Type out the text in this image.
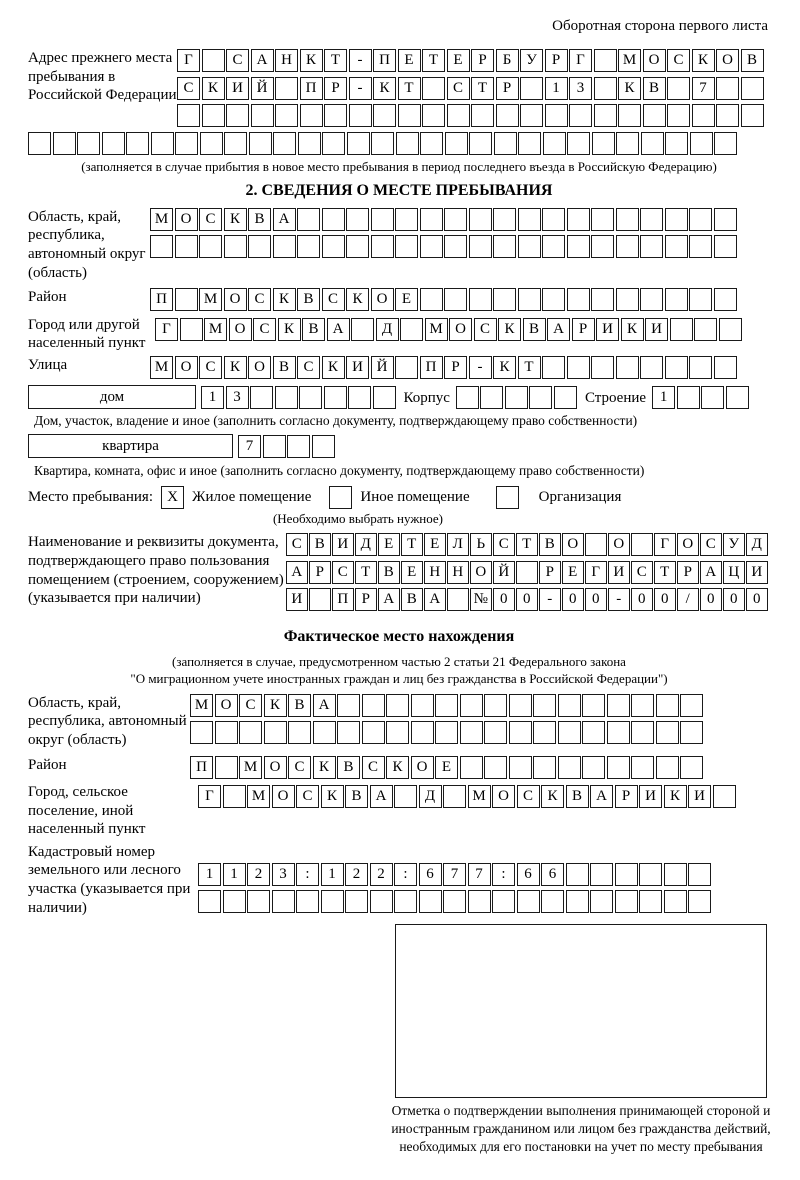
Оборотная сторона первого листа
Адрес прежнего места пребывания в Российской Федерации
Г	С А Н К Т	-	П Е	Т	Е	Р	Б У	Р	Г	М О С К О В
С К И Й	П Р	-	К Т	С Т	Р	1	3	К В	7
(заполняется в случае прибытия в новое место пребывания в период последнего въезда в Российскую Федерацию)
2. СВЕДЕНИЯ О МЕСТЕ ПРЕБЫВАНИЯ
Область, край, республика, автономный округ (область)
М О С К В А
Район	П	М О С К В С К О Е
Город или другой населенный пункт
Г	М О С К В А	Д	М О С К В А Р И К И
Улица	М О С К О В С К И Й	П Р	-	К Т
дом	1	3	Корпус	Строение 1
Дом, участок, владение и иное (заполнить согласно документу, подтверждающему право собственности)
квартира	7
Квартира, комната, офис и иное (заполнить согласно документу, подтверждающему право собственности)
Место пребывания: X Жилое помещение	Иное помещение	Организация
(Необходимо выбрать нужное)
Наименование и реквизиты документа, подтверждающего право пользования помещением (строением, сооружением) (указывается при наличии)
С В И Д Е Т Е Л Ь С Т В О	О	Г О С У Д
А Р С Т В Е Н Н О Й	Р Е Г И С Т Р А Ц И
И	П Р А В А	№ 0	0	-	0	0	-	0	0	/	0	0	0
Фактическое место нахождения
(заполняется в случае, предусмотренном частью 2 статьи 21 Федерального закона
"О миграционном учете иностранных граждан и лиц без гражданства в Российской Федерации")
Область, край, республика, автономный округ (область)
М О С К В А
Район	П	М О С К В С К О Е
Город, сельское поселение, иной населенный пункт
Г	М О С К В А	Д	М О С К В А Р И К И
Кадастровый номер земельного или лесного участка (указывается при наличии)
1	1	2	3	:	1	2	2	:	6	7	7	:	6	6
Отметка о подтверждении выполнения принимающей стороной и иностранным гражданином или лицом без гражданства действий, необходимых для его постановки на учет по месту пребывания
